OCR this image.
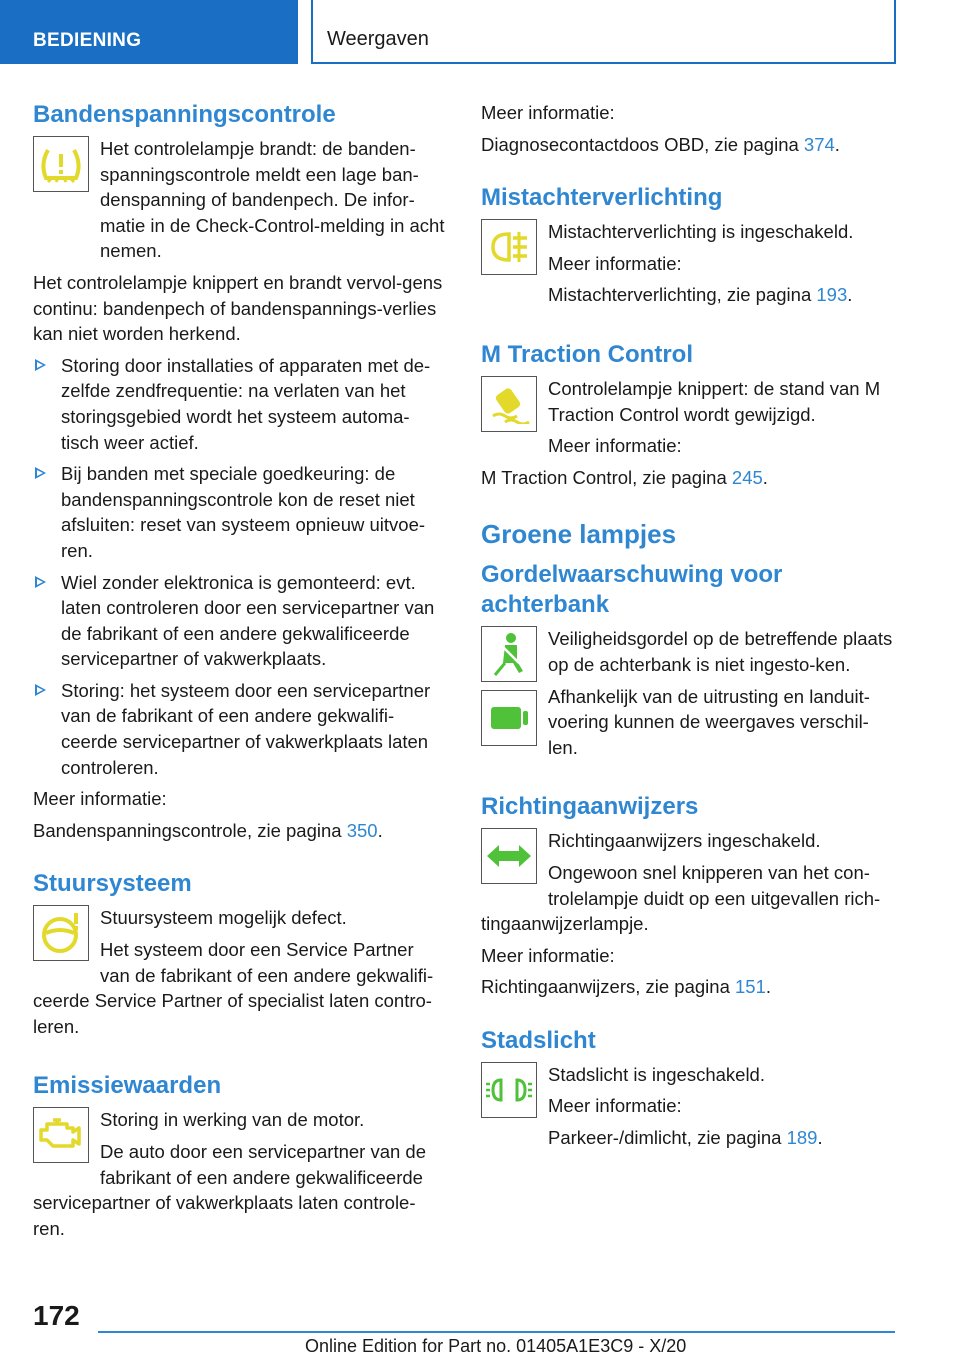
BEDIENING	Weergaven
Bandenspanningscontrole

Het controlelampje brandt: de banden-spanningscontrole meldt een lage ban-denspanning of bandenpech. De infor-matie in de Check-Control-melding in acht nemen.

Het controlelampje knippert en brandt vervol-gens continu: bandenpech of bandenspannings-verlies kan niet worden herkend.

Storing door installaties of apparaten met de-zelfde zendfrequentie: na verlaten van het storingsgebied wordt het systeem automa-tisch weer actief.
Bij banden met speciale goedkeuring: de bandenspanningscontrole kon de reset niet afsluiten: reset van systeem opnieuw uitvoe-ren.
Wiel zonder elektronica is gemonteerd: evt. laten controleren door een servicepartner van de fabrikant of een andere gekwalificeerde servicepartner of vakwerkplaats.
Storing: het systeem door een servicepartner van de fabrikant of een andere gekwalifi-ceerde servicepartner of vakwerkplaats laten controleren.

Meer informatie:

Bandenspanningscontrole, zie pagina 350.

Stuursysteem

Stuursysteem mogelijk defect.

Het systeem door een Service Partner van de fabrikant of een andere gekwalifi-ceerde Service Partner of specialist laten contro-leren.

Emissiewaarden

Storing in werking van de motor.

De auto door een servicepartner van de fabrikant of een andere gekwalificeerde servicepartner of vakwerkplaats laten controle-ren.

Meer informatie:

Diagnosecontactdoos OBD, zie pagina 374.

Mistachterverlichting

Mistachterverlichting is ingeschakeld.

Meer informatie:

Mistachterverlichting, zie pagina 193.

M Traction Control

Controlelampje knippert: de stand van M Traction Control wordt gewijzigd.

Meer informatie:

M Traction Control, zie pagina 245.

Groene lampjes
Gordelwaarschuwing voor achterbank

Veiligheidsgordel op de betreffende plaats op de achterbank is niet ingesto-ken.

Afhankelijk van de uitrusting en landuit-voering kunnen de weergaves verschil-len.

Richtingaanwijzers

Richtingaanwijzers ingeschakeld.

Ongewoon snel knipperen van het con-trolelampje duidt op een uitgevallen rich-tingaanwijzerlampje.

Meer informatie:

Richtingaanwijzers, zie pagina 151.

Stadslicht

Stadslicht is ingeschakeld.

Meer informatie:

Parkeer-/dimlicht, zie pagina 189.

172
Online Edition for Part no. 01405A1E3C9 - X/20
